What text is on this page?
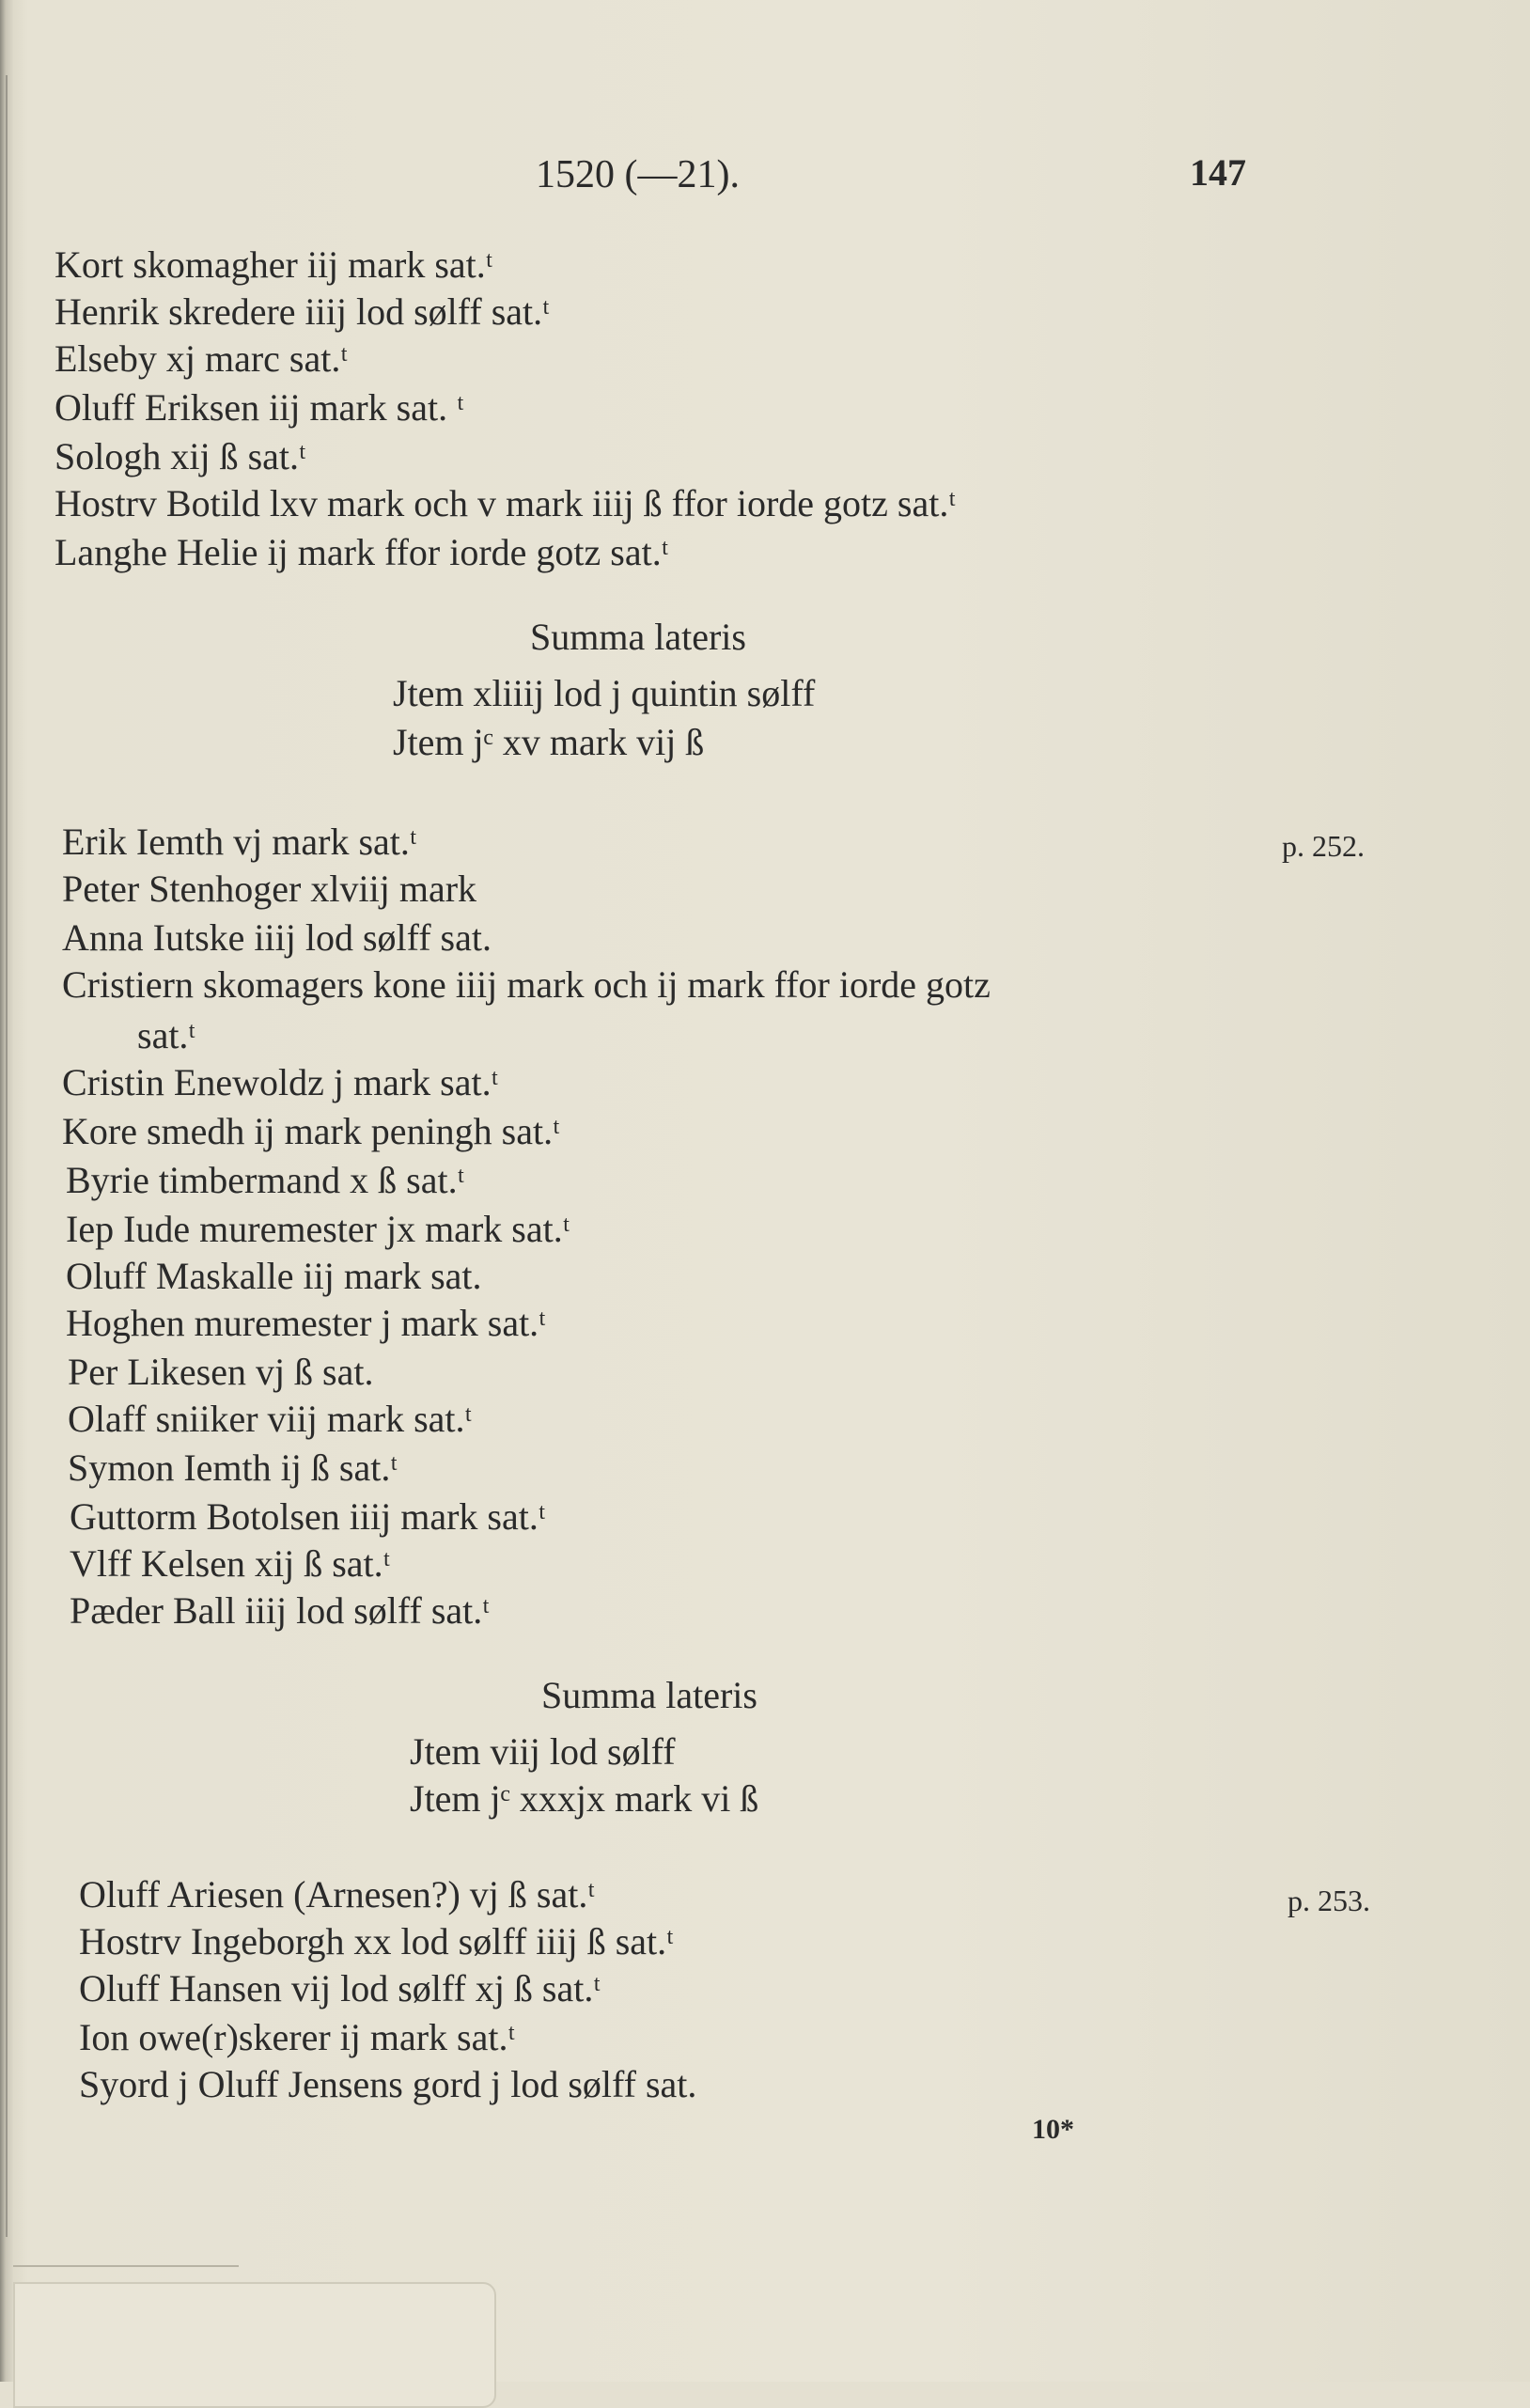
1520 (—21).	147
Kort skomagher iij mark sat.ᵗ
Henrik skredere iiij lod sølff sat.ᵗ
Elseby xj marc sat.ᵗ
Oluff Eriksen iij mark sat. ᵗ
Sologh xij ß sat.ᵗ
Hostrv Botild lxv mark och v mark iiij ß ffor iorde gotz sat.ᵗ
Langhe Helie ij mark ffor iorde gotz sat.ᵗ
Summa lateris
Jtem xliiij lod j quintin sølff
Jtem jᶜ xv mark vij ß
p. 252.
Erik Iemth vj mark sat.ᵗ
Peter Stenhoger xlviij mark
Anna Iutske iiij lod sølff sat.
Cristiern skomagers kone iiij mark och ij mark ffor iorde gotz
sat.ᵗ
Cristin Enewoldz j mark sat.ᵗ
Kore smedh ij mark peningh sat.ᵗ
Byrie timbermand x ß sat.ᵗ
Iep Iude muremester jx mark sat.ᵗ
Oluff Maskalle iij mark sat.
Hoghen muremester j mark sat.ᵗ
Per Likesen vj ß sat.
Olaff sniiker viij mark sat.ᵗ
Symon Iemth ij ß sat.ᵗ
Guttorm Botolsen iiij mark sat.ᵗ
Vlff Kelsen xij ß sat.ᵗ
Pæder Ball iiij lod sølff sat.ᵗ
Summa lateris
Jtem viij lod sølff
Jtem jᶜ xxxjx mark vi ß
p. 253.
Oluff Ariesen (Arnesen?) vj ß sat.ᵗ
Hostrv Ingeborgh xx lod sølff iiij ß sat.ᵗ
Oluff Hansen vij lod sølff xj ß sat.ᵗ
Ion owe(r)skerer ij mark sat.ᵗ
Syord j Oluff Jensens gord j lod sølff sat.
10*
